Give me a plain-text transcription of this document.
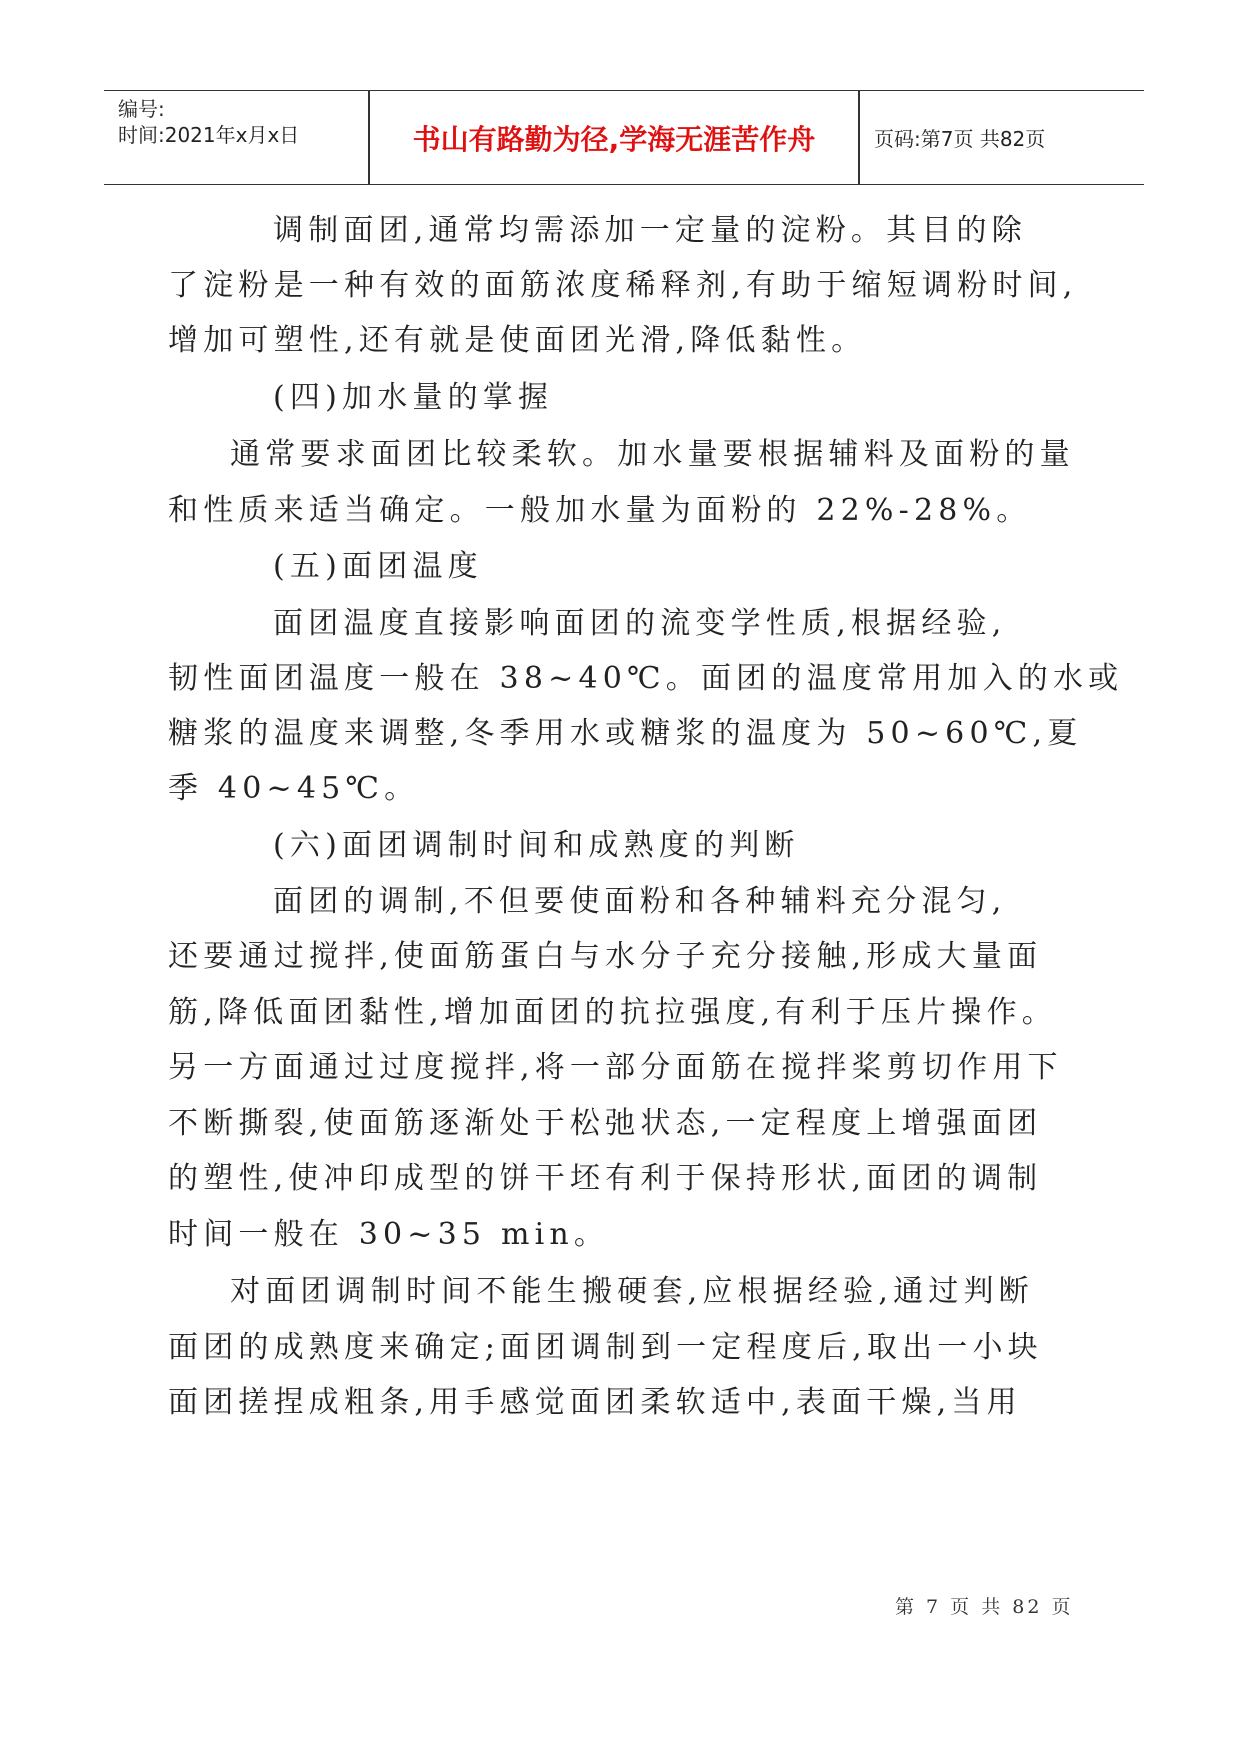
编号:
时间:2021年x月x日	书山有路勤为径,学海无涯苦作舟	页码:第7页 共82页
调制面团,通常均需添加一定量的淀粉。其目的除
了淀粉是一种有效的面筋浓度稀释剂,有助于缩短调粉时间,
增加可塑性,还有就是使面团光滑,降低黏性。
(四)加水量的掌握
通常要求面团比较柔软。加水量要根据辅料及面粉的量
和性质来适当确定。一般加水量为面粉的 22%-28%。
(五)面团温度
面团温度直接影响面团的流变学性质,根据经验,
韧性面团温度一般在 38~40℃。面团的温度常用加入的水或
糖浆的温度来调整,冬季用水或糖浆的温度为 50~60℃,夏
季 40~45℃。
(六)面团调制时间和成熟度的判断
面团的调制,不但要使面粉和各种辅料充分混匀,
还要通过搅拌,使面筋蛋白与水分子充分接触,形成大量面
筋,降低面团黏性,增加面团的抗拉强度,有利于压片操作。
另一方面通过过度搅拌,将一部分面筋在搅拌桨剪切作用下
不断撕裂,使面筋逐渐处于松弛状态,一定程度上增强面团
的塑性,使冲印成型的饼干坯有利于保持形状,面团的调制
时间一般在 30~35 min。
对面团调制时间不能生搬硬套,应根据经验,通过判断
面团的成熟度来确定;面团调制到一定程度后,取出一小块
面团搓捏成粗条,用手感觉面团柔软适中,表面干燥,当用
第 7 页 共 82 页
